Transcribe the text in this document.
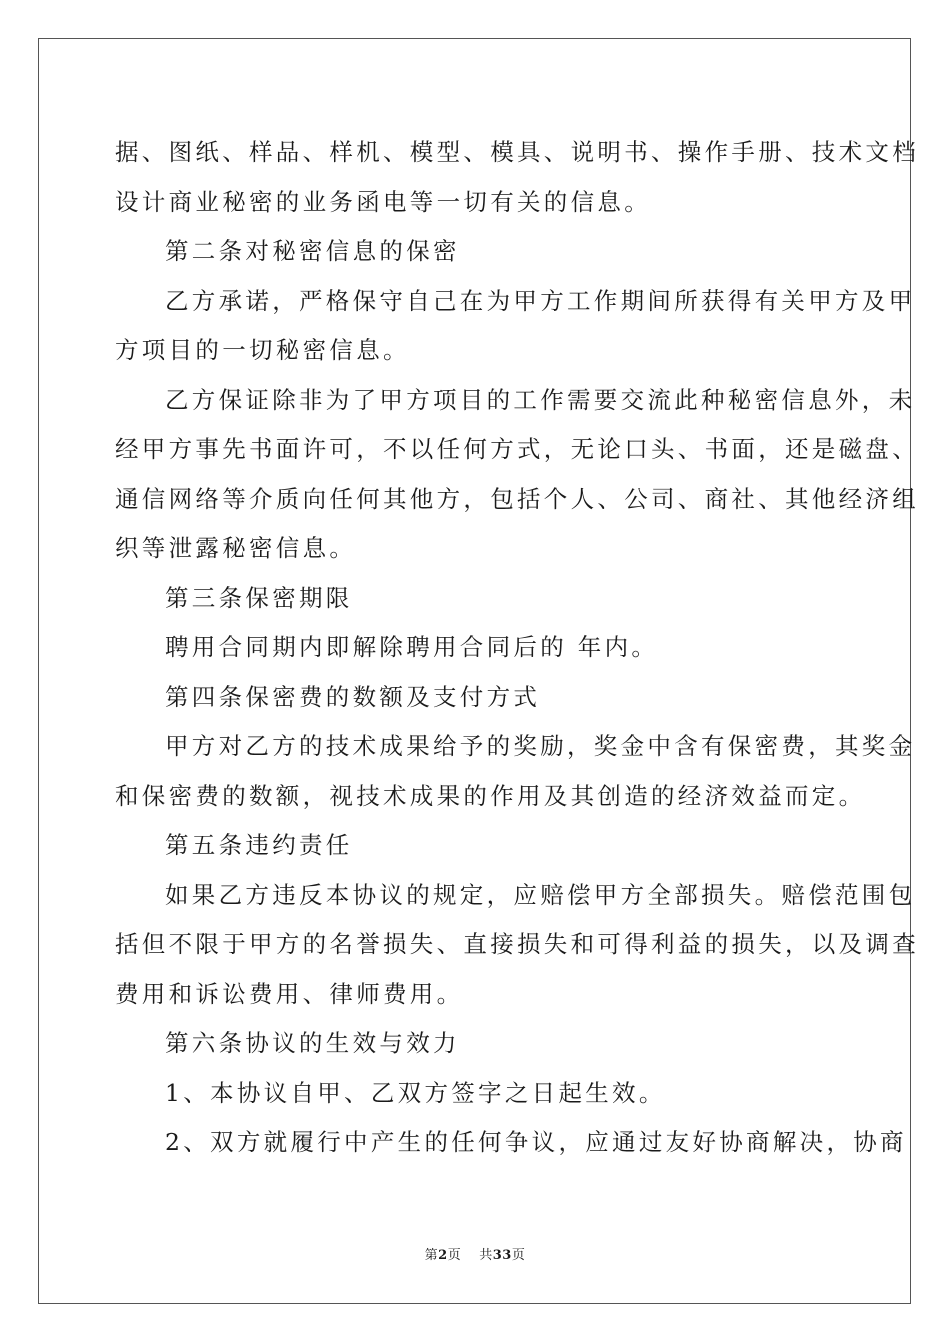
据、图纸、样品、样机、模型、模具、说明书、操作手册、技术文档

设计商业秘密的业务函电等一切有关的信息。

第二条对秘密信息的保密

乙方承诺，严格保守自己在为甲方工作期间所获得有关甲方及甲

方项目的一切秘密信息。

乙方保证除非为了甲方项目的工作需要交流此种秘密信息外，未

经甲方事先书面许可，不以任何方式，无论口头、书面，还是磁盘、

通信网络等介质向任何其他方，包括个人、公司、商社、其他经济组

织等泄露秘密信息。

第三条保密期限

聘用合同期内即解除聘用合同后的 年内。

第四条保密费的数额及支付方式

甲方对乙方的技术成果给予的奖励，奖金中含有保密费，其奖金

和保密费的数额，视技术成果的作用及其创造的经济效益而定。

第五条违约责任

如果乙方违反本协议的规定，应赔偿甲方全部损失。赔偿范围包

括但不限于甲方的名誉损失、直接损失和可得利益的损失，以及调查

费用和诉讼费用、律师费用。

第六条协议的生效与效力

1、本协议自甲、乙双方签字之日起生效。

2、双方就履行中产生的任何争议，应通过友好协商解决，协商

第2页 共33页
